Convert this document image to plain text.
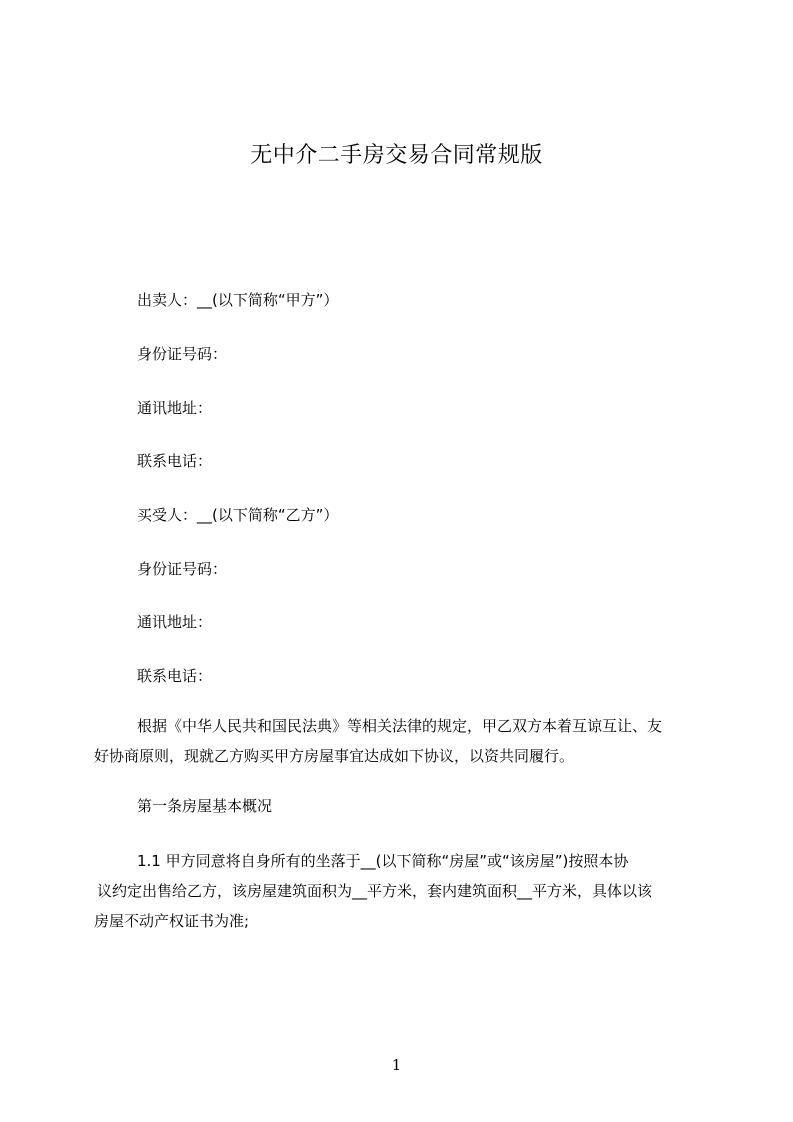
无中介二手房交易合同常规版
出卖人：__(以下简称“甲方”）
身份证号码：
通讯地址：
联系电话：
买受人：__(以下简称“乙方”）
身份证号码：
通讯地址：
联系电话：
根据《中华人民共和国民法典》等相关法律的规定，甲乙双方本着互谅互让、友
好协商原则，现就乙方购买甲方房屋事宜达成如下协议，以资共同履行。
第一条房屋基本概况
1.1 甲方同意将自身所有的坐落于__(以下简称“房屋”或“该房屋”)按照本协
议约定出售给乙方，该房屋建筑面积为__平方米，套内建筑面积__平方米，具体以该
房屋不动产权证书为准;
1
